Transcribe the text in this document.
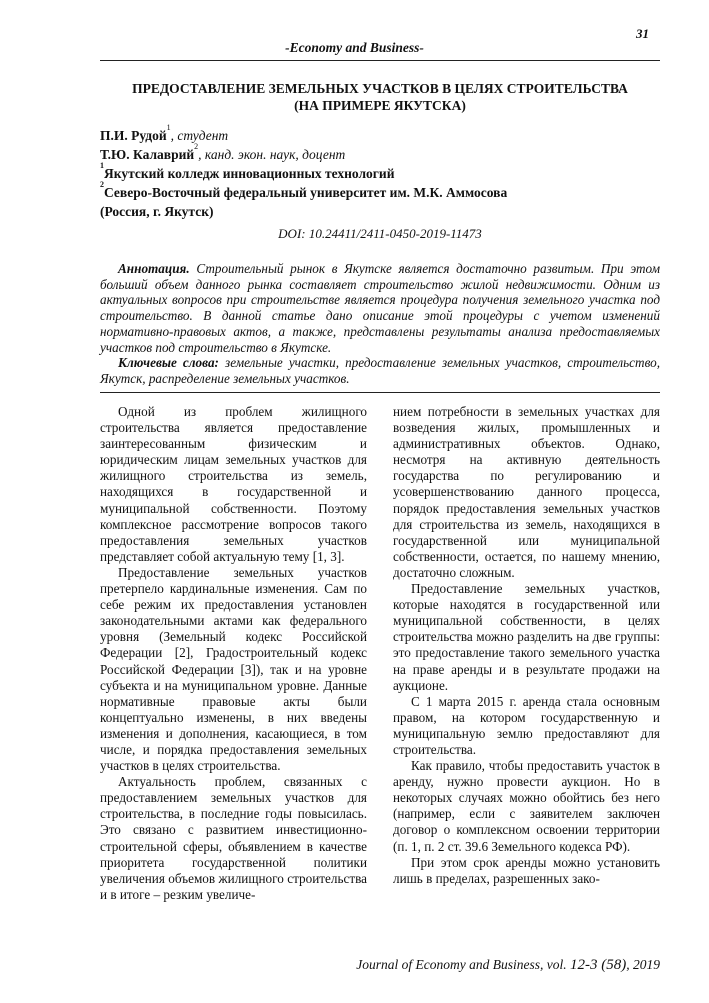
31
-Economy and Business-
ПРЕДОСТАВЛЕНИЕ ЗЕМЕЛЬНЫХ УЧАСТКОВ В ЦЕЛЯХ СТРОИТЕЛЬСТВА
(НА ПРИМЕРЕ ЯКУТСКА)
П.И. Рудой$^1$, студент
Т.Ю. Калаврий$^2$, канд. экон. наук, доцент
$^1$Якутский колледж инновационных технологий
$^2$Северо-Восточный федеральный университет им. М.К. Аммосова
(Россия, г. Якутск)
DOI: 10.24411/2411-0450-2019-11473

Аннотация. Строительный рынок в Якутске является достаточно развитым. При этом больший объем данного рынка составляет строительство жилой недвижимости. Одним из актуальных вопросов при строительстве является процедура получения земельного участка под строительство. В данной статье дано описание этой процедуры с учетом изменений нормативно-правовых актов, а также, представлены результаты анализа предоставляемых участков под строительство в Якутске.

Ключевые слова: земельные участки, предоставление земельных участков, строительство, Якутск, распределение земельных участков.

Одной из проблем жилищного строительства является предоставление заинтересованным физическим и юридическим лицам земельных участков для жилищного строительства из земель, находящихся в государственной и муниципальной собственности. Поэтому комплексное рассмотрение вопросов такого предоставления земельных участков представляет собой актуальную тему [1, 3].

Предоставление земельных участков претерпело кардинальные изменения. Сам по себе режим их предоставления установлен законодательными актами как федерального уровня (Земельный кодекс Российской Федерации [2], Градостроительный кодекс Российской Федерации [3]), так и на уровне субъекта и на муниципальном уровне. Данные нормативные правовые акты были концептуально изменены, в них введены изменения и дополнения, касающиеся, в том числе, и порядка предоставления земельных участков в целях строительства.

Актуальность проблем, связанных с предоставлением земельных участков для строительства, в последние годы повысилась. Это связано с развитием инвестиционно-строительной сферы, объявлением в качестве приоритета государственной политики увеличения объемов жилищного строительства и в итоге – резким увеличе-

нием потребности в земельных участках для возведения жилых, промышленных и административных объектов. Однако, несмотря на активную деятельность государства по регулированию и усовершенствованию данного процесса, порядок предоставления земельных участков для строительства из земель, находящихся в государственной или муниципальной собственности, остается, по нашему мнению, достаточно сложным.

Предоставление земельных участков, которые находятся в государственной или муниципальной собственности, в целях строительства можно разделить на две группы: это предоставление такого земельного участка на праве аренды и в результате продажи на аукционе.

С 1 марта 2015 г. аренда стала основным правом, на котором государственную и муниципальную землю предоставляют для строительства.

Как правило, чтобы предоставить участок в аренду, нужно провести аукцион. Но в некоторых случаях можно обойтись без него (например, если с заявителем заключен договор о комплексном освоении территории (п. 1, п. 2 ст. 39.6 Земельного кодекса РФ).

При этом срок аренды можно установить лишь в пределах, разрешенных зако-

Journal of Economy and Business, vol. 12-3 (58), 2019
